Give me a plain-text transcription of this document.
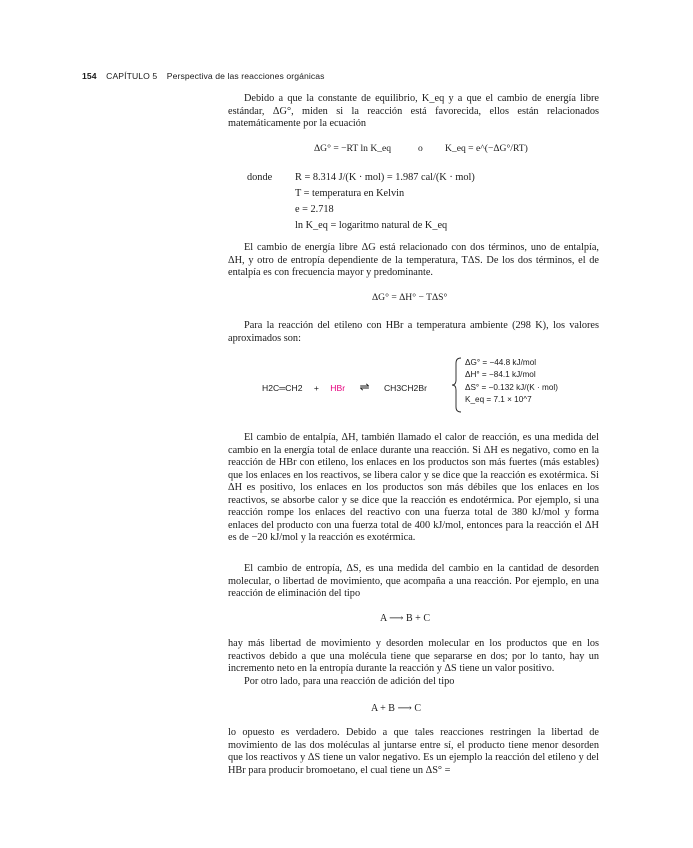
154 CAPÍTULO 5 Perspectiva de las reacciones orgánicas
Debido a que la constante de equilibrio, K_eq y a que el cambio de energía libre estándar, ΔG°, miden si la reacción está favorecida, ellos están relacionados matemáticamente por la ecuación
ΔG° = −RT ln K_eq	o K_eq = e^(−ΔG°/RT)
donde R = 8.314 J/(K · mol) = 1.987 cal/(K · mol)
T = temperatura en Kelvin
e = 2.718
ln K_eq = logaritmo natural de K_eq
El cambio de energía libre ΔG está relacionado con dos términos, uno de entalpía, ΔH, y otro de entropía dependiente de la temperatura, TΔS. De los dos términos, el de entalpía es con frecuencia mayor y predominante.
ΔG° = ΔH° − TΔS°
Para la reacción del etileno con HBr a temperatura ambiente (298 K), los valores aproximados son:
H2C═CH2 + HBr ⇌ CH3CH2Br
ΔG° = −44.8 kJ/mol
ΔH° = −84.1 kJ/mol
ΔS° = −0.132 kJ/(K · mol)
K_eq = 7.1 × 10^7
El cambio de entalpía, ΔH, también llamado el calor de reacción, es una medida del cambio en la energía total de enlace durante una reacción. Si ΔH es negativo, como en la reacción de HBr con etileno, los enlaces en los productos son más fuertes (más estables) que los enlaces en los reactivos, se libera calor y se dice que la reacción es exotérmica. Si ΔH es positivo, los enlaces en los productos son más débiles que los enlaces en los reactivos, se absorbe calor y se dice que la reacción es endotérmica. Por ejemplo, si una reacción rompe los enlaces del reactivo con una fuerza total de 380 kJ/mol y forma enlaces del producto con una fuerza total de 400 kJ/mol, entonces para la reacción el ΔH es de −20 kJ/mol y la reacción es exotérmica.
El cambio de entropía, ΔS, es una medida del cambio en la cantidad de desorden molecular, o libertad de movimiento, que acompaña a una reacción. Por ejemplo, en una reacción de eliminación del tipo
A ⟶ B + C
hay más libertad de movimiento y desorden molecular en los productos que en los reactivos debido a que una molécula tiene que separarse en dos; por lo tanto, hay un incremento neto en la entropía durante la reacción y ΔS tiene un valor positivo.
Por otro lado, para una reacción de adición del tipo
A + B ⟶ C
lo opuesto es verdadero. Debido a que tales reacciones restringen la libertad de movimiento de las dos moléculas al juntarse entre sí, el producto tiene menor desorden que los reactivos y ΔS tiene un valor negativo. Es un ejemplo la reacción del etileno y del HBr para producir bromoetano, el cual tiene un ΔS° =
